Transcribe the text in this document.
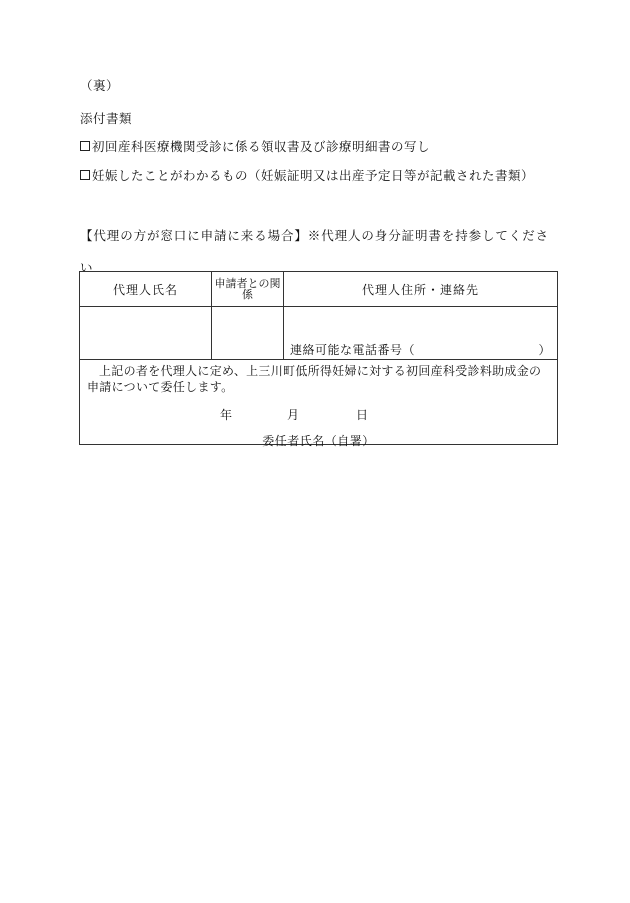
（裏）
添付書類
初回産科医療機関受診に係る領収書及び診療明細書の写し
妊娠したことがわかるもの（妊娠証明又は出産予定日等が記載された書類）
【代理の方が窓口に申請に来る場合】※代理人の身分証明書を持参してください
代理人氏名	申請者との関係	代理人住所・連絡先

		連絡可能な電話番号（ ）

上記の者を代理人に定め、上三川町低所得妊婦に対する初回産科受診料助成金の申請について委任します。
年 月 日
委任者氏名（自署）		
